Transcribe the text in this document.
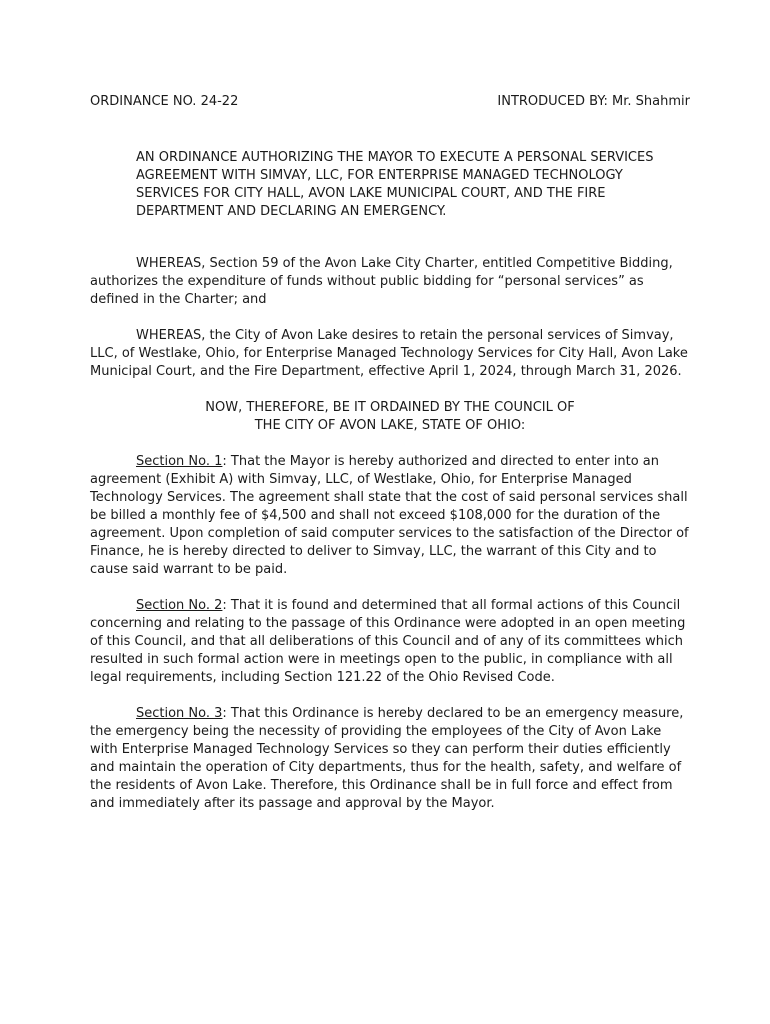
ORDINANCE NO. 24-22	INTRODUCED BY: Mr. Shahmir
AN ORDINANCE AUTHORIZING THE MAYOR TO EXECUTE A PERSONAL SERVICES AGREEMENT WITH SIMVAY, LLC, FOR ENTERPRISE MANAGED TECHNOLOGY SERVICES FOR CITY HALL, AVON LAKE MUNICIPAL COURT, AND THE FIRE DEPARTMENT AND DECLARING AN EMERGENCY.

WHEREAS, Section 59 of the Avon Lake City Charter, entitled Competitive Bidding, authorizes the expenditure of funds without public bidding for “personal services” as defined in the Charter; and

WHEREAS, the City of Avon Lake desires to retain the personal services of Simvay, LLC, of Westlake, Ohio, for Enterprise Managed Technology Services for City Hall, Avon Lake Municipal Court, and the Fire Department, effective April 1, 2024, through March 31, 2026.

NOW, THEREFORE, BE IT ORDAINED BY THE COUNCIL OF
THE CITY OF AVON LAKE, STATE OF OHIO:

Section No. 1: That the Mayor is hereby authorized and directed to enter into an agreement (Exhibit A) with Simvay, LLC, of Westlake, Ohio, for Enterprise Managed Technology Services. The agreement shall state that the cost of said personal services shall be billed a monthly fee of $4,500 and shall not exceed $108,000 for the duration of the agreement. Upon completion of said computer services to the satisfaction of the Director of Finance, he is hereby directed to deliver to Simvay, LLC, the warrant of this City and to cause said warrant to be paid.

Section No. 2: That it is found and determined that all formal actions of this Council concerning and relating to the passage of this Ordinance were adopted in an open meeting of this Council, and that all deliberations of this Council and of any of its committees which resulted in such formal action were in meetings open to the public, in compliance with all legal requirements, including Section 121.22 of the Ohio Revised Code.

Section No. 3: That this Ordinance is hereby declared to be an emergency measure, the emergency being the necessity of providing the employees of the City of Avon Lake with Enterprise Managed Technology Services so they can perform their duties efficiently and maintain the operation of City departments, thus for the health, safety, and welfare of the residents of Avon Lake. Therefore, this Ordinance shall be in full force and effect from and immediately after its passage and approval by the Mayor.
